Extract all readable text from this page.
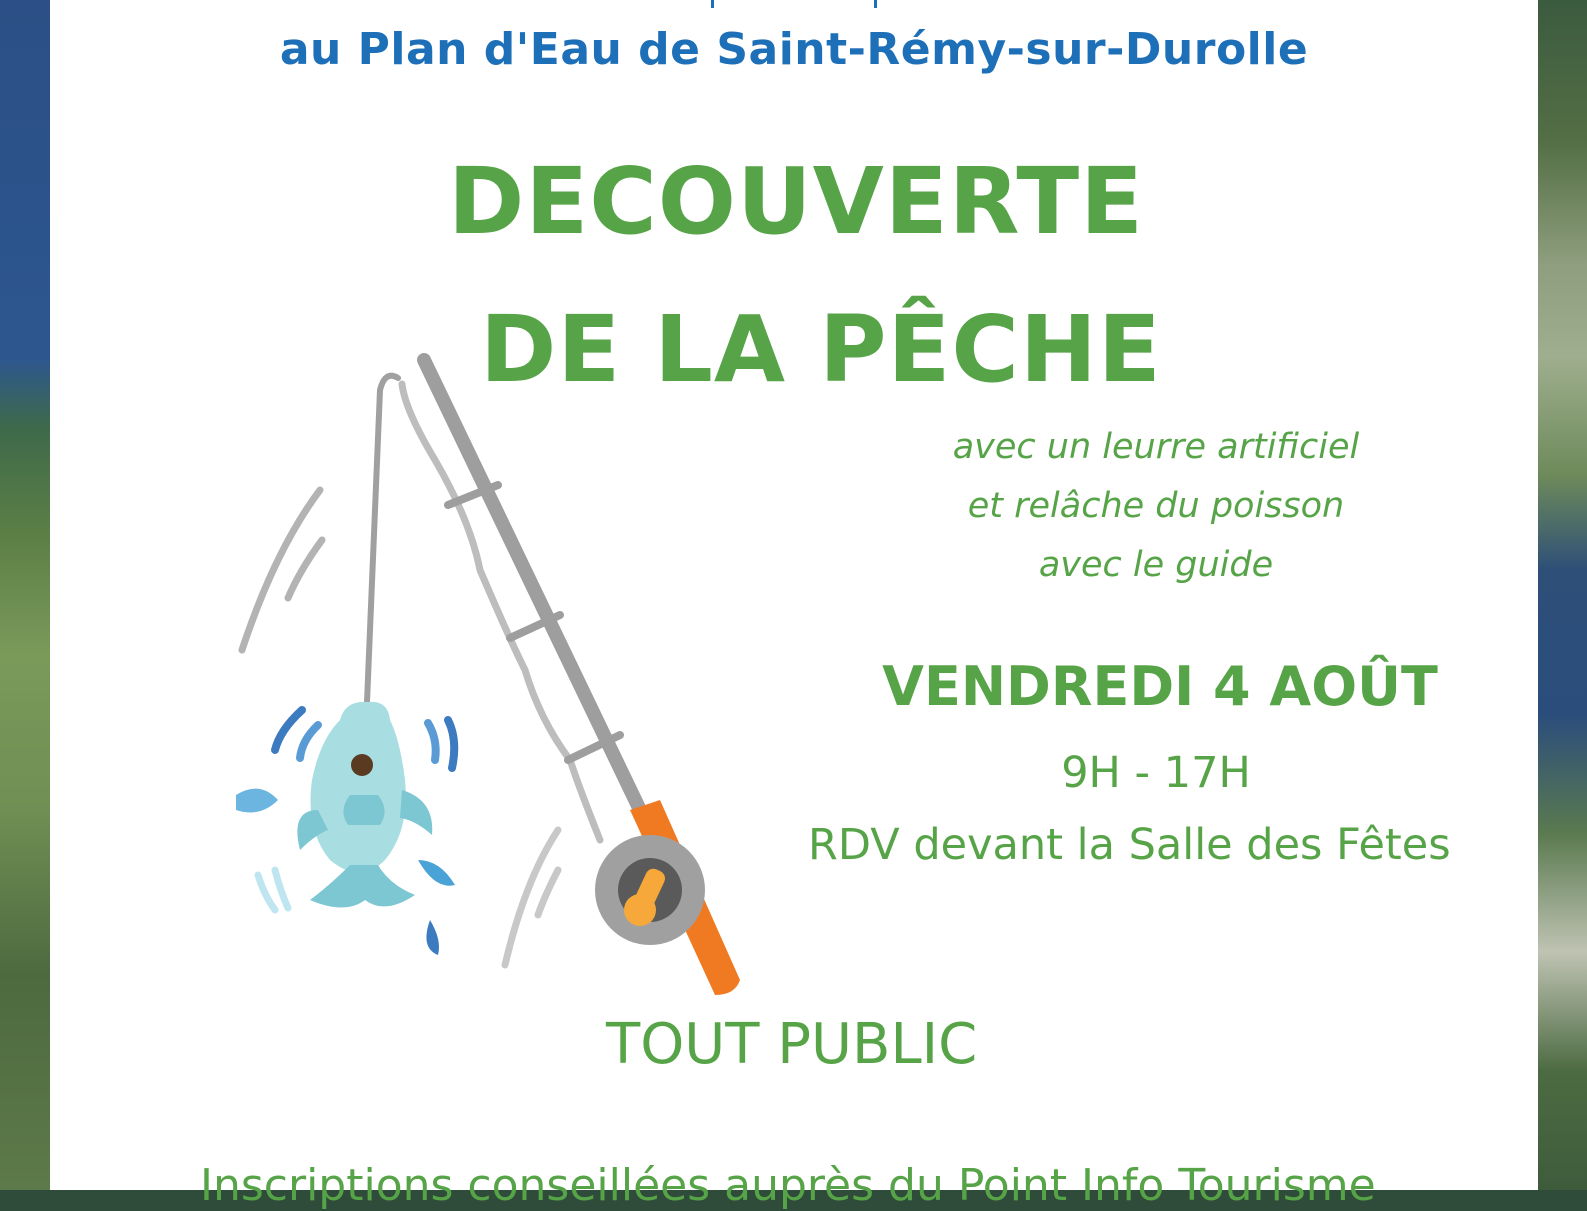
au Plan d'Eau de Saint-Rémy-sur-Durolle

DECOUVERTE

DE LA PÊCHE

avec un leurre artificiel

et relâche du poisson

avec le guide

VENDREDI 4 AOÛT

9H - 17H

RDV devant la Salle des Fêtes

TOUT PUBLIC

Inscriptions conseillées auprès du Point Info Tourisme
